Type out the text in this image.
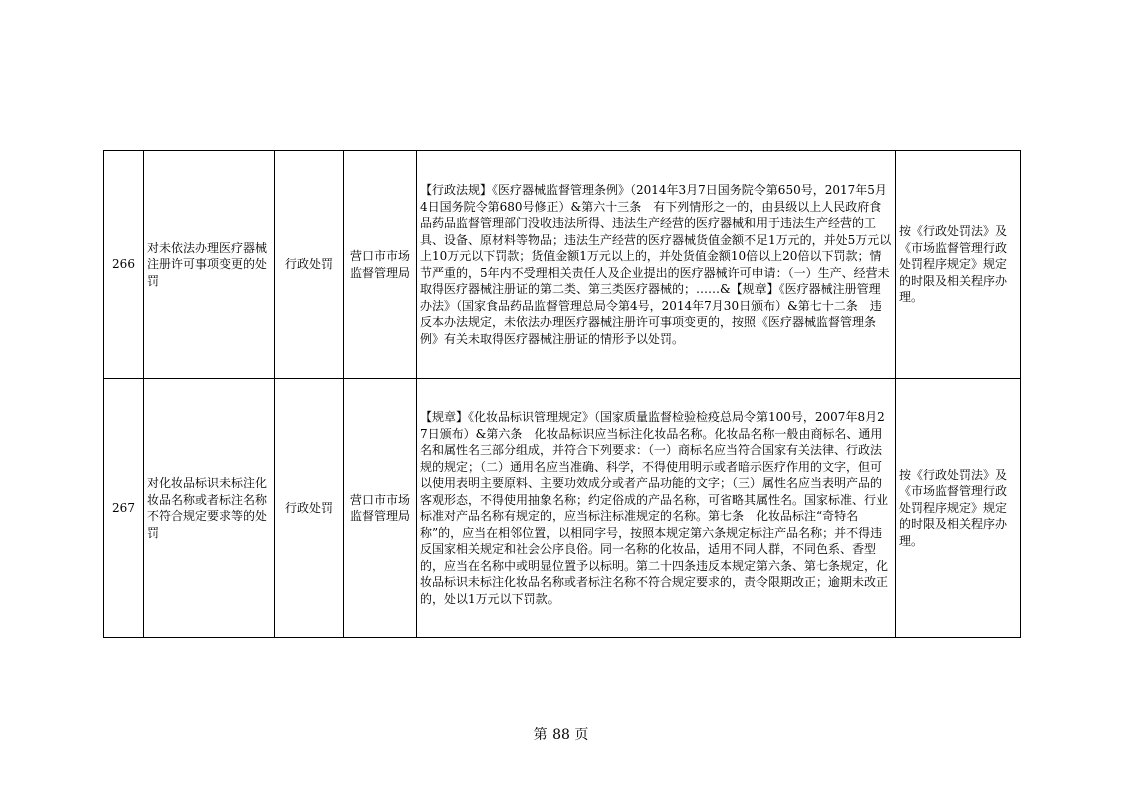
266	对未依法办理医疗器械注册许可事项变更的处罚	行政处罚	营口市市场监督管理局	【行政法规】《医疗器械监督管理条例》（2014年3月7日国务院令第650号，2017年5月4日国务院令第680号修正）&第六十三条　有下列情形之一的，由县级以上人民政府食品药品监督管理部门没收违法所得、违法生产经营的医疗器械和用于违法生产经营的工具、设备、原材料等物品；违法生产经营的医疗器械货值金额不足1万元的，并处5万元以上10万元以下罚款；货值金额1万元以上的，并处货值金额10倍以上20倍以下罚款；情节严重的，5年内不受理相关责任人及企业提出的医疗器械许可申请：（一）生产、经营未取得医疗器械注册证的第二类、第三类医疗器械的；……&【规章】《医疗器械注册管理办法》（国家食品药品监督管理总局令第4号，2014年7月30日颁布）&第七十二条　违反本办法规定，未依法办理医疗器械注册许可事项变更的，按照《医疗器械监督管理条例》有关未取得医疗器械注册证的情形予以处罚。	按《行政处罚法》及《市场监督管理行政处罚程序规定》规定的时限及相关程序办理。
267	对化妆品标识未标注化妆品名称或者标注名称不符合规定要求等的处罚	行政处罚	营口市市场监督管理局	【规章】《化妆品标识管理规定》（国家质量监督检验检疫总局令第100号，2007年8月27日颁布）&第六条　化妆品标识应当标注化妆品名称。化妆品名称一般由商标名、通用名和属性名三部分组成，并符合下列要求：（一）商标名应当符合国家有关法律、行政法规的规定；（二）通用名应当准确、科学，不得使用明示或者暗示医疗作用的文字，但可以使用表明主要原料、主要功效成分或者产品功能的文字；（三）属性名应当表明产品的客观形态，不得使用抽象名称；约定俗成的产品名称，可省略其属性名。国家标准、行业标准对产品名称有规定的，应当标注标准规定的名称。第七条　化妆品标注“奇特名称”的，应当在相邻位置，以相同字号，按照本规定第六条规定标注产品名称；并不得违反国家相关规定和社会公序良俗。同一名称的化妆品，适用不同人群，不同色系、香型的，应当在名称中或明显位置予以标明。第二十四条违反本规定第六条、第七条规定，化妆品标识未标注化妆品名称或者标注名称不符合规定要求的，责令限期改正；逾期未改正的，处以1万元以下罚款。	按《行政处罚法》及《市场监督管理行政处罚程序规定》规定的时限及相关程序办理。
第 88 页
